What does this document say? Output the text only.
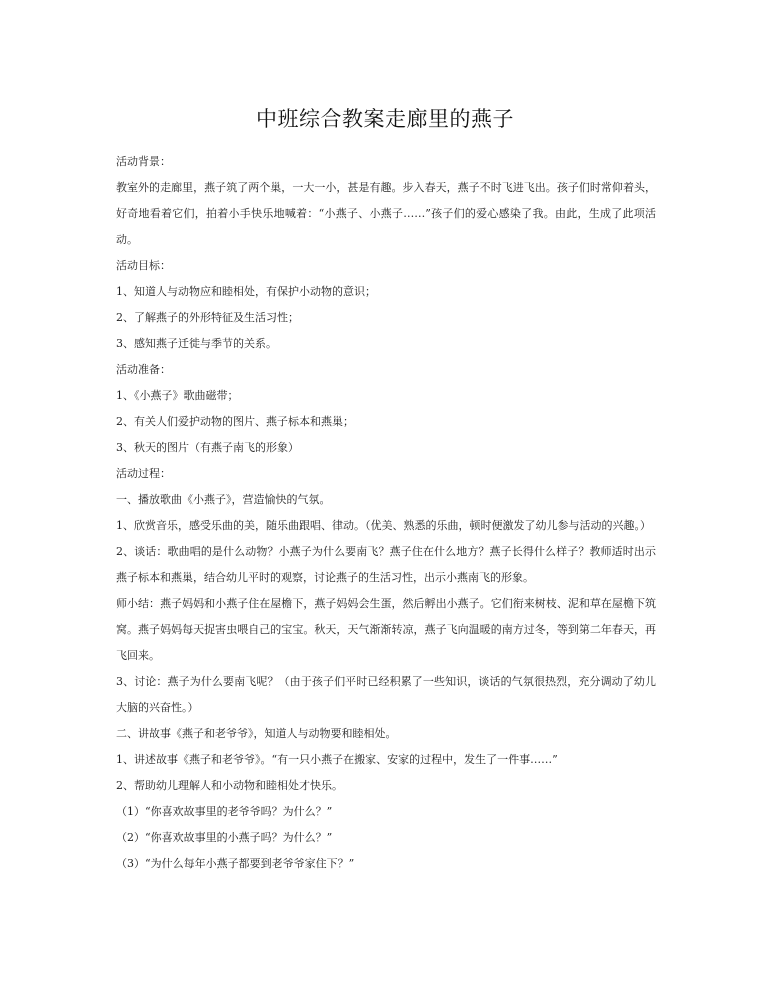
中班综合教案走廊里的燕子

活动背景：

教室外的走廊里，燕子筑了两个巢，一大一小，甚是有趣。步入春天，燕子不时飞进飞出。孩子们时常仰着头，好奇地看着它们，拍着小手快乐地喊着：“小燕子、小燕子……”孩子们的爱心感染了我。由此，生成了此项活动。

活动目标：

1、知道人与动物应和睦相处，有保护小动物的意识；

2、了解燕子的外形特征及生活习性；

3、感知燕子迁徙与季节的关系。

活动准备：

1、《小燕子》歌曲磁带；

2、有关人们爱护动物的图片、燕子标本和燕巢；

3、秋天的图片（有燕子南飞的形象）

活动过程：

一、播放歌曲《小燕子》，营造愉快的气氛。

1、欣赏音乐，感受乐曲的美，随乐曲跟唱、律动。（优美、熟悉的乐曲，顿时便激发了幼儿参与活动的兴趣。）

2、谈话：歌曲唱的是什么动物？小燕子为什么要南飞？燕子住在什么地方？燕子长得什么样子？教师适时出示燕子标本和燕巢，结合幼儿平时的观察，讨论燕子的生活习性，出示小燕南飞的形象。

师小结：燕子妈妈和小燕子住在屋檐下，燕子妈妈会生蛋，然后孵出小燕子。它们衔来树枝、泥和草在屋檐下筑窝。燕子妈妈每天捉害虫喂自己的宝宝。秋天，天气渐渐转凉，燕子飞向温暖的南方过冬，等到第二年春天，再飞回来。

3、讨论：燕子为什么要南飞呢？（由于孩子们平时已经积累了一些知识，谈话的气氛很热烈，充分调动了幼儿大脑的兴奋性。）

二、讲故事《燕子和老爷爷》，知道人与动物要和睦相处。

1、讲述故事《燕子和老爷爷》。“有一只小燕子在搬家、安家的过程中，发生了一件事……”

2、帮助幼儿理解人和小动物和睦相处才快乐。

（1）“你喜欢故事里的老爷爷吗？为什么？”

（2）“你喜欢故事里的小燕子吗？为什么？”

（3）“为什么每年小燕子都要到老爷爷家住下？”
